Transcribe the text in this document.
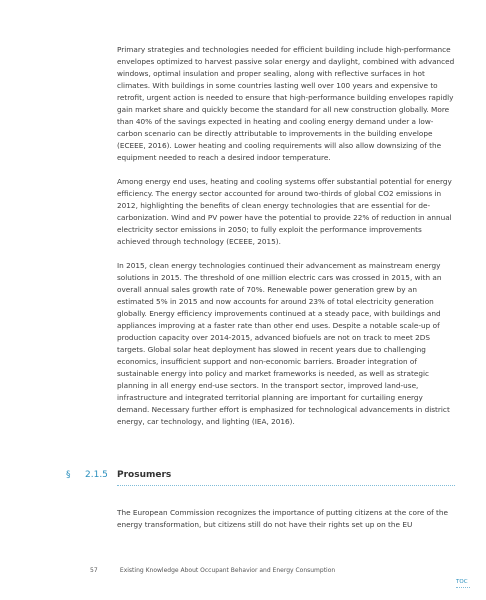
Primary strategies and technologies needed for efficient building include high-performance envelopes optimized to harvest passive solar energy and daylight, combined with advanced windows, optimal insulation and proper sealing, along with reflective surfaces in hot climates. With buildings in some countries lasting well over 100 years and expensive to retrofit, urgent action is needed to ensure that high-performance building envelopes rapidly gain market share and quickly become the standard for all new construction globally. More than 40% of the savings expected in heating and cooling energy demand under a low-carbon scenario can be directly attributable to improvements in the building envelope (ECEEE, 2016). Lower heating and cooling requirements will also allow downsizing of the equipment needed to reach a desired indoor temperature.

Among energy end uses, heating and cooling systems offer substantial potential for energy efficiency. The energy sector accounted for around two-thirds of global CO2 emissions in 2012, highlighting the benefits of clean energy technologies that are essential for de-carbonization. Wind and PV power have the potential to provide 22% of reduction in annual electricity sector emissions in 2050; to fully exploit the performance improvements achieved through technology (ECEEE, 2015).

In 2015, clean energy technologies continued their advancement as mainstream energy solutions in 2015. The threshold of one million electric cars was crossed in 2015, with an overall annual sales growth rate of 70%. Renewable power generation grew by an estimated 5% in 2015 and now accounts for around 23% of total electricity generation globally. Energy efficiency improvements continued at a steady pace, with buildings and appliances improving at a faster rate than other end uses. Despite a notable scale-up of production capacity over 2014-2015, advanced biofuels are not on track to meet 2DS targets. Global solar heat deployment has slowed in recent years due to challenging economics, insufficient support and non-economic barriers. Broader integration of sustainable energy into policy and market frameworks is needed, as well as strategic planning in all energy end-use sectors. In the transport sector, improved land-use, infrastructure and integrated territorial planning are important for curtailing energy demand. Necessary further effort is emphasized for technological advancements in district energy, car technology, and lighting (IEA, 2016).

§ 2.1.5 Prosumers

The European Commission recognizes the importance of putting citizens at the core of the energy transformation, but citizens still do not have their rights set up on the EU

57	Existing Knowledge About Occupant Behavior and Energy Consumption
TOC
